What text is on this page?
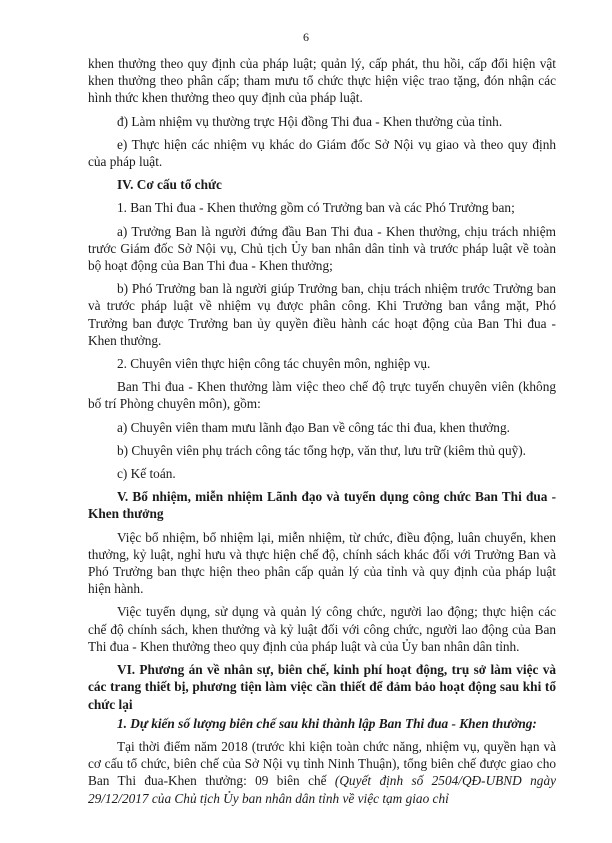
6

khen thưởng theo quy định của pháp luật; quản lý, cấp phát, thu hồi, cấp đổi hiện vật khen thưởng theo phân cấp; tham mưu tổ chức thực hiện việc trao tặng, đón nhận các hình thức khen thưởng theo quy định của pháp luật.

đ) Làm nhiệm vụ thường trực Hội đồng Thi đua - Khen thưởng của tỉnh.

e) Thực hiện các nhiệm vụ khác do Giám đốc Sở Nội vụ giao và theo quy định của pháp luật.

IV. Cơ cấu tổ chức

1. Ban Thi đua - Khen thưởng gồm có Trưởng ban và các Phó Trưởng ban;

a) Trưởng Ban là người đứng đầu Ban Thi đua - Khen thưởng, chịu trách nhiệm trước Giám đốc Sở Nội vụ, Chủ tịch Ủy ban nhân dân tỉnh và trước pháp luật về toàn bộ hoạt động của Ban Thi đua - Khen thưởng;

b) Phó Trưởng ban là người giúp Trưởng ban, chịu trách nhiệm trước Trưởng ban và trước pháp luật về nhiệm vụ được phân công. Khi Trưởng ban vắng mặt, Phó Trưởng ban được Trưởng ban ủy quyền điều hành các hoạt động của Ban Thi đua - Khen thưởng.

2. Chuyên viên thực hiện công tác chuyên môn, nghiệp vụ.

Ban Thi đua - Khen thưởng làm việc theo chế độ trực tuyến chuyên viên (không bố trí Phòng chuyên môn), gồm:

a) Chuyên viên tham mưu lãnh đạo Ban về công tác thi đua, khen thưởng.

b) Chuyên viên phụ trách công tác tổng hợp, văn thư, lưu trữ (kiêm thủ quỹ).

c) Kế toán.

V. Bổ nhiệm, miễn nhiệm Lãnh đạo và tuyển dụng công chức Ban Thi đua - Khen thưởng

Việc bổ nhiệm, bổ nhiệm lại, miễn nhiệm, từ chức, điều động, luân chuyển, khen thưởng, kỷ luật, nghỉ hưu và thực hiện chế độ, chính sách khác đối với Trưởng Ban và Phó Trưởng ban thực hiện theo phân cấp quản lý của tỉnh và quy định của pháp luật hiện hành.

Việc tuyển dụng, sử dụng và quản lý công chức, người lao động; thực hiện các chế độ chính sách, khen thưởng và kỷ luật đối với công chức, người lao động của Ban Thi đua - Khen thưởng theo quy định của pháp luật và của Ủy ban nhân dân tỉnh.

VI. Phương án về nhân sự, biên chế, kinh phí hoạt động, trụ sở làm việc và các trang thiết bị, phương tiện làm việc cần thiết để đảm bảo hoạt động sau khi tổ chức lại

1. Dự kiến số lượng biên chế sau khi thành lập Ban Thi đua - Khen thưởng:

Tại thời điểm năm 2018 (trước khi kiện toàn chức năng, nhiệm vụ, quyền hạn và cơ cấu tổ chức, biên chế của Sở Nội vụ tỉnh Ninh Thuận), tổng biên chế được giao cho Ban Thi đua-Khen thưởng: 09 biên chế (Quyết định số 2504/QĐ-UBND ngày 29/12/2017 của Chủ tịch Ủy ban nhân dân tỉnh về việc tạm giao chỉ
